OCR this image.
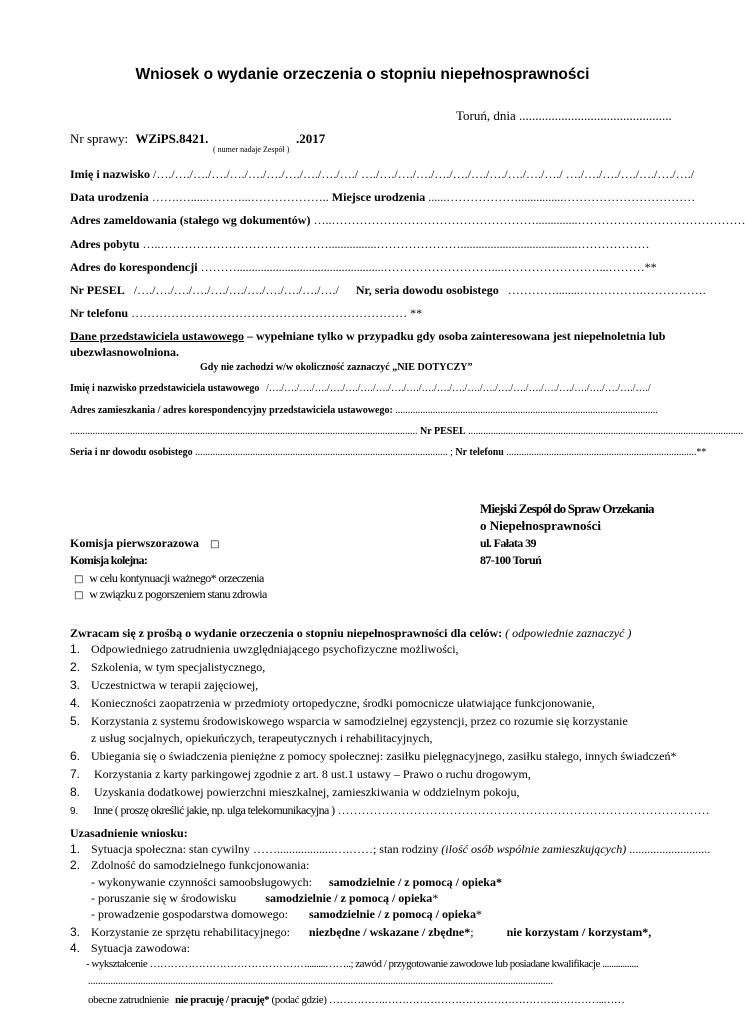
Wniosek o wydanie orzeczenia o stopniu niepełnosprawności
Toruń, dnia ...............................................
Nr sprawy: WZiPS.8421.	.2017
( numer nadaje Zespół )
Imię i nazwisko /…./…./…./…./…./…./…./…./…./…./…./ …./…./…./…./…./…./…./…./…./…./…./ …./…./…./…./…./…./…./
Data urodzenia …….….....………...……………….. Miejsce urodzenia ......………………...............……………………………
Adres zameldowania (stałego wg dokumentów) …..……………………………………………..............……………………………………
Adres pobytu …..……………………………………................………………….......................................………………
Adres do korespondencji ……….................................................………………………....……………………...………**
Nr PESEL /…./…./…./…./…./…./…./…./…./…./…./ Nr, seria dowodu osobistego …………........…………….…………….
Nr telefonu …………………………………………………………… **
Dane przedstawiciela ustawowego – wypełniane tylko w przypadku gdy osoba zainteresowana jest niepełnoletnia lub
ubezwłasnowolniona.
Gdy nie zachodzi w/w okoliczność zaznaczyć „NIE DOTYCZY”
Imię i nazwisko przedstawiciela ustawowego /…./…./…./…./…./…./…./…./…./…./…./…./…./…./…./…./…./…./…./…./…./…./…./…./…./
Adres zamieszkania / adres korespondencyjny przedstawiciela ustawowego: .........................................................................................................
........................................................................................................................................... Nr PESEL ..............................................................................................................
Seria i nr dowodu osobistego ..................................................................................................... ; Nr telefonu ............................................................................**
Miejski Zespół do Spraw Orzekania
o Niepełnosprawności
ul. Fałata 39
87-100 Toruń
Komisja pierwszorazowa □
Komisja kolejna:
□ w celu kontynuacji ważnego* orzeczenia
□ w związku z pogorszeniem stanu zdrowia
Zwracam się z prośbą o wydanie orzeczenia o stopniu niepełnosprawności dla celów: ( odpowiednie zaznaczyć )
1. Odpowiedniego zatrudnienia uwzględniającego psychofizyczne możliwości,
2. Szkolenia, w tym specjalistycznego,
3. Uczestnictwa w terapii zajęciowej,
4. Konieczności zaopatrzenia w przedmioty ortopedyczne, środki pomocnicze ułatwiające funkcjonowanie,
5. Korzystania z systemu środowiskowego wsparcia w samodzielnej egzystencji, przez co rozumie się korzystanie
z usług socjalnych, opiekuńczych, terapeutycznych i rehabilitacyjnych,
6. Ubiegania się o świadczenia pieniężne z pomocy społecznej: zasiłku pielęgnacyjnego, zasiłku stałego, innych świadczeń*
7. Korzystania z karty parkingowej zgodnie z art. 8 ust.1 ustawy – Prawo o ruchu drogowym,
8. Uzyskania dodatkowej powierzchni mieszkalnej, zamieszkiwania w oddzielnym pokoju,
9. Inne ( proszę określić jakie, np. ulga telekomunikacyjna ) …………………………………………………………………………………
Uzasadnienie wniosku:
1. Sytuacja społeczna: stan cywilny ……...................….……; stan rodziny (ilość osób wspólnie zamieszkujących) ...........................
2. Zdolność do samodzielnego funkcjonowania:
- wykonywanie czynności samoobsługowych: samodzielnie / z pomocą / opieka*
- poruszanie się w środowisku samodzielnie / z pomocą / opieka*
- prowadzenie gospodarstwa domowego: samodzielnie / z pomocą / opieka*
3. Korzystanie ze sprzętu rehabilitacyjnego: niezbędne / wskazane / zbędne*;	nie korzystam / korzystam*,
4. Sytuacja zawodowa:
- wykształcenie ………………………………………........……..; zawód / przygotowanie zawodowe lub posiadane kwalifikacje ................
..........................................................................................................................................................................................
obecne zatrudnienie nie pracuję / pracuję* (podać gdzie) …………….………………………………………….…………..……
